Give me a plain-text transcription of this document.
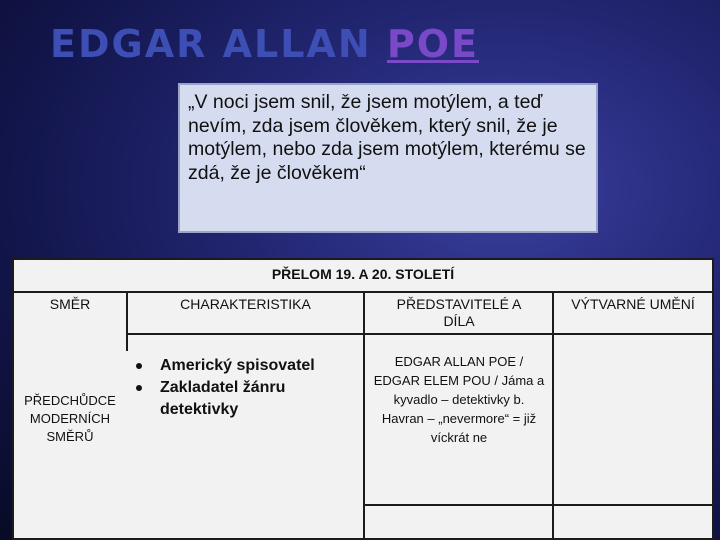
EDGAR ALLAN POE
„V noci jsem snil, že jsem motýlem, a teď nevím, zda jsem člověkem, který snil, že je motýlem, nebo zda jsem motýlem, kterému se zdá, že je člověkem“
PŘELOM 19. A 20. STOLETÍ
SMĚR	CHARAKTERISTIKA	PŘEDSTAVITELÉ A DÍLA
VÝTVARNÉ UMĚNÍ
PŘEDCHŮDCE MODERNÍCH SMĚRŮ
Americký spisovatel
Zakladatel žánru detektivky
EDGAR ALLAN POE / EDGAR ELEM POU / Jáma a kyvadlo – detektivky b. Havran – „nevermore“ = již víckrát ne
